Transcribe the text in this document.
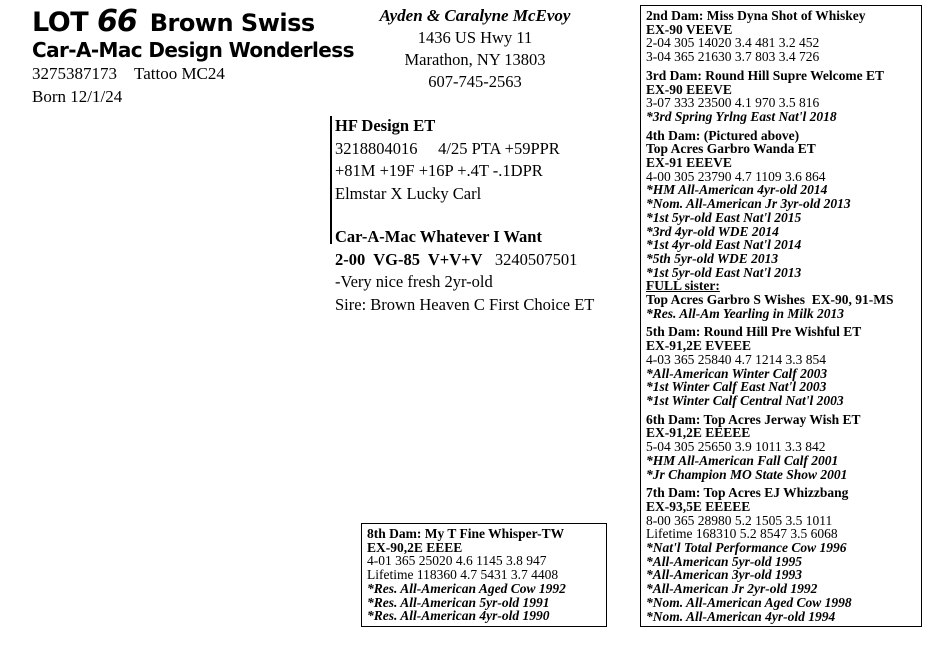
LOT 66 Brown Swiss
Car-A-Mac Design Wonderless
3275387173 Tattoo MC24
Born 12/1/24
Ayden & Caralyne McEvoy
1436 US Hwy 11
Marathon, NY 13803
607-745-2563
HF Design ET
3218804016     4/25 PTA +59PPR
+81M +19F +16P +.4T -.1DPR
Elmstar X Lucky Carl
Car-A-Mac Whatever I Want
2-00  VG-85  V+V+V 3240507501
-Very nice fresh 2yr-old
Sire: Brown Heaven C First Choice ET
2nd Dam: Miss Dyna Shot of Whiskey
EX-90 VEEVE
2-04 305 14020 3.4 481 3.2 452
3-04 365 21630 3.7 803 3.4 726
3rd Dam: Round Hill Supre Welcome ET
EX-90 EEEVE
3-07 333 23500 4.1 970 3.5 816
*3rd Spring Yrlng East Nat'l 2018
4th Dam: (Pictured above)
Top Acres Garbro Wanda ET
EX-91 EEEVE
4-00 305 23790 4.7 1109 3.6 864
*HM All-American 4yr-old 2014
*Nom. All-American Jr 3yr-old 2013
*1st 5yr-old East Nat'l 2015
*3rd 4yr-old WDE 2014
*1st 4yr-old East Nat'l 2014
*5th 5yr-old WDE 2013
*1st 5yr-old East Nat'l 2013
FULL sister:
Top Acres Garbro S Wishes  EX-90, 91-MS
*Res. All-Am Yearling in Milk 2013
5th Dam: Round Hill Pre Wishful ET
EX-91,2E EVEEE
4-03 365 25840 4.7 1214 3.3 854
*All-American Winter Calf 2003
*1st Winter Calf East Nat'l 2003
*1st Winter Calf Central Nat'l 2003
6th Dam: Top Acres Jerway Wish ET
EX-91,2E EEEEE
5-04 305 25650 3.9 1011 3.3 842
*HM All-American Fall Calf 2001
*Jr Champion MO State Show 2001
7th Dam: Top Acres EJ Whizzbang
EX-93,5E EEEEE
8-00 365 28980 5.2 1505 3.5 1011
Lifetime 168310 5.2 8547 3.5 6068
*Nat'l Total Performance Cow 1996
*All-American 5yr-old 1995
*All-American 3yr-old 1993
*All-American Jr 2yr-old 1992
*Nom. All-American Aged Cow 1998
*Nom. All-American 4yr-old 1994
8th Dam: My T Fine Whisper-TW
EX-90,2E EEEE
4-01 365 25020 4.6 1145 3.8 947
Lifetime 118360 4.7 5431 3.7 4408
*Res. All-American Aged Cow 1992
*Res. All-American 5yr-old 1991
*Res. All-American 4yr-old 1990
